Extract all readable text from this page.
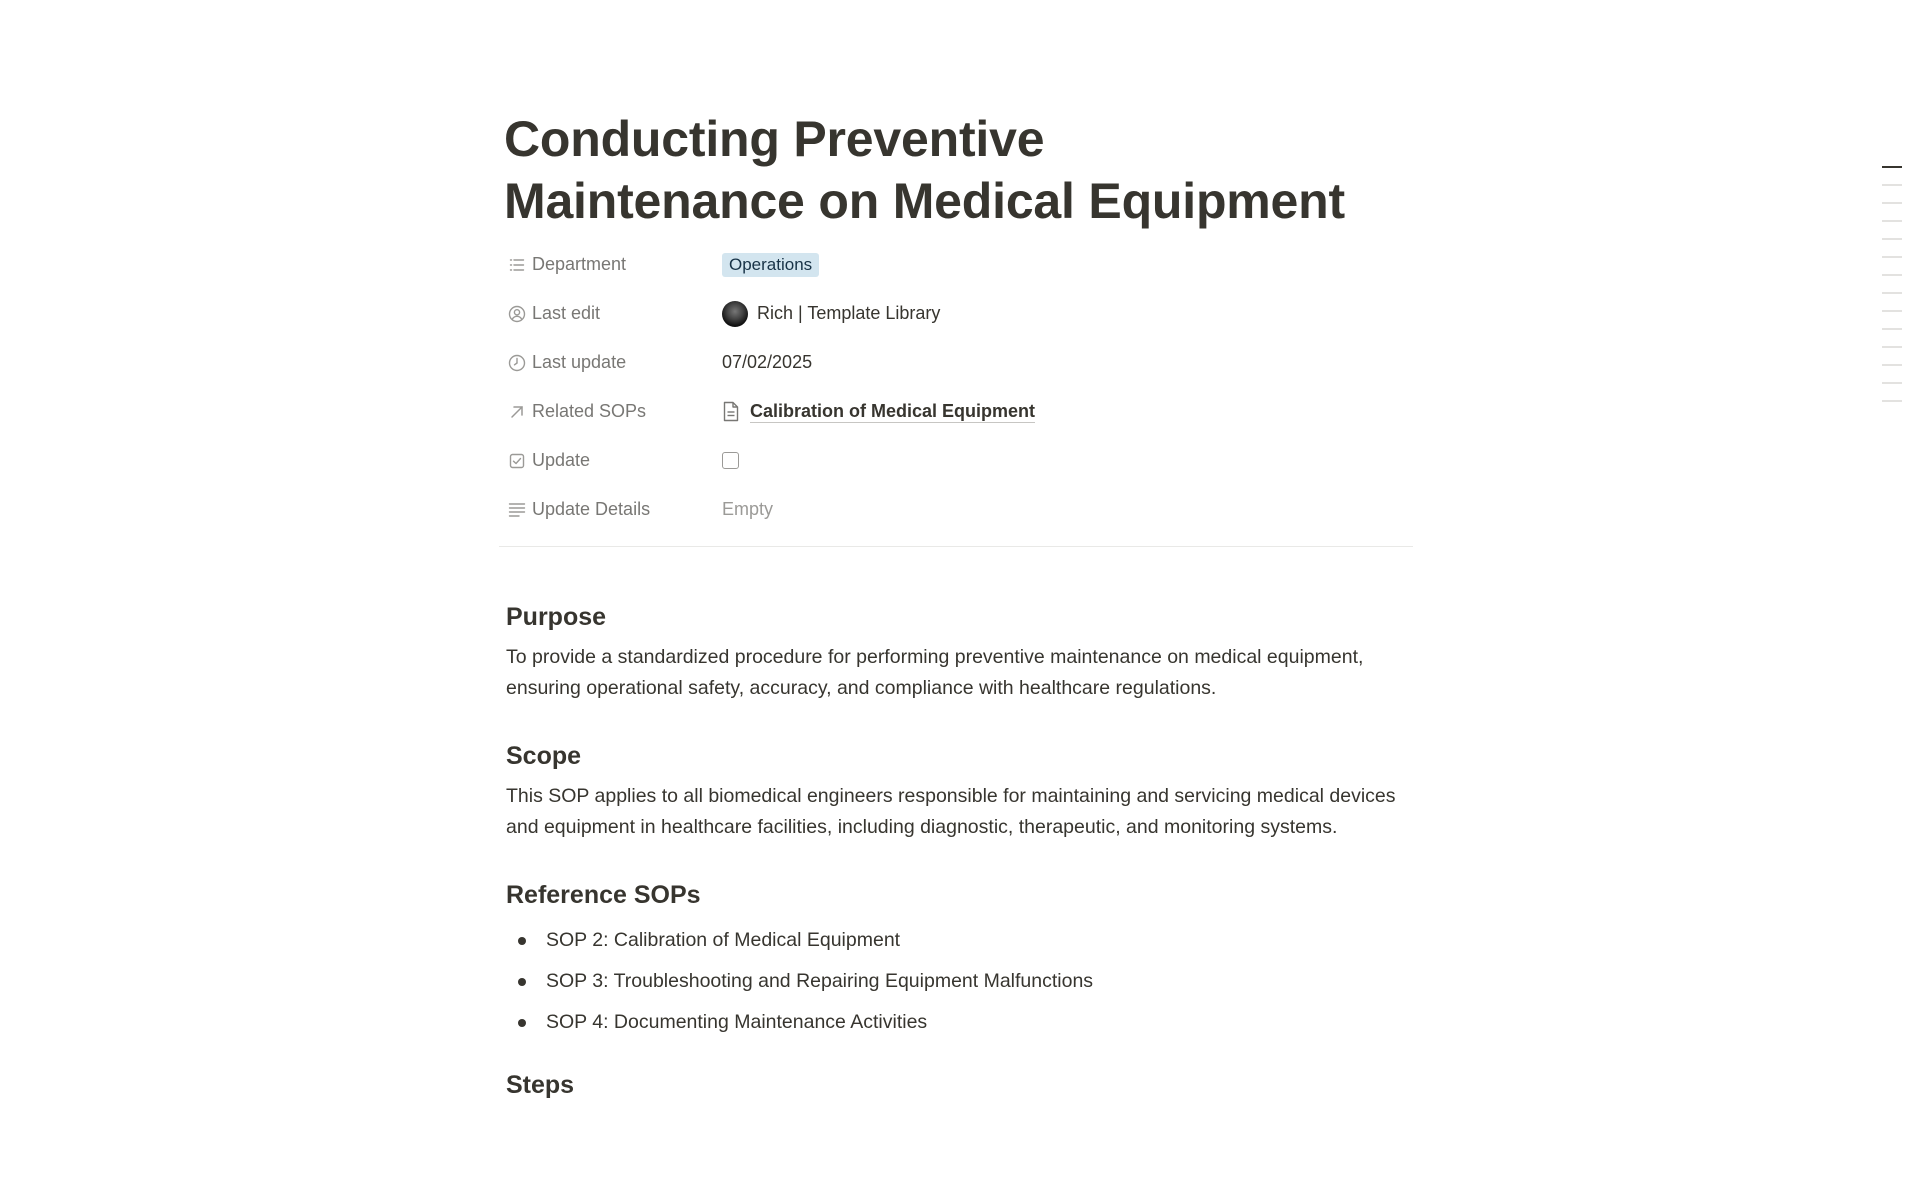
Conducting Preventive
Maintenance on Medical Equipment
Department	Operations
Last edit	Rich | Template Library
Last update	07/02/2025
Related SOPs	Calibration of Medical Equipment
Update
Update Details	Empty
Purpose

To provide a standardized procedure for performing preventive maintenance on medical equipment, ensuring operational safety, accuracy, and compliance with healthcare regulations.

Scope

This SOP applies to all biomedical engineers responsible for maintaining and servicing medical devices and equipment in healthcare facilities, including diagnostic, therapeutic, and monitoring systems.

Reference SOPs
SOP 2: Calibration of Medical Equipment
SOP 3: Troubleshooting and Repairing Equipment Malfunctions
SOP 4: Documenting Maintenance Activities
Steps
